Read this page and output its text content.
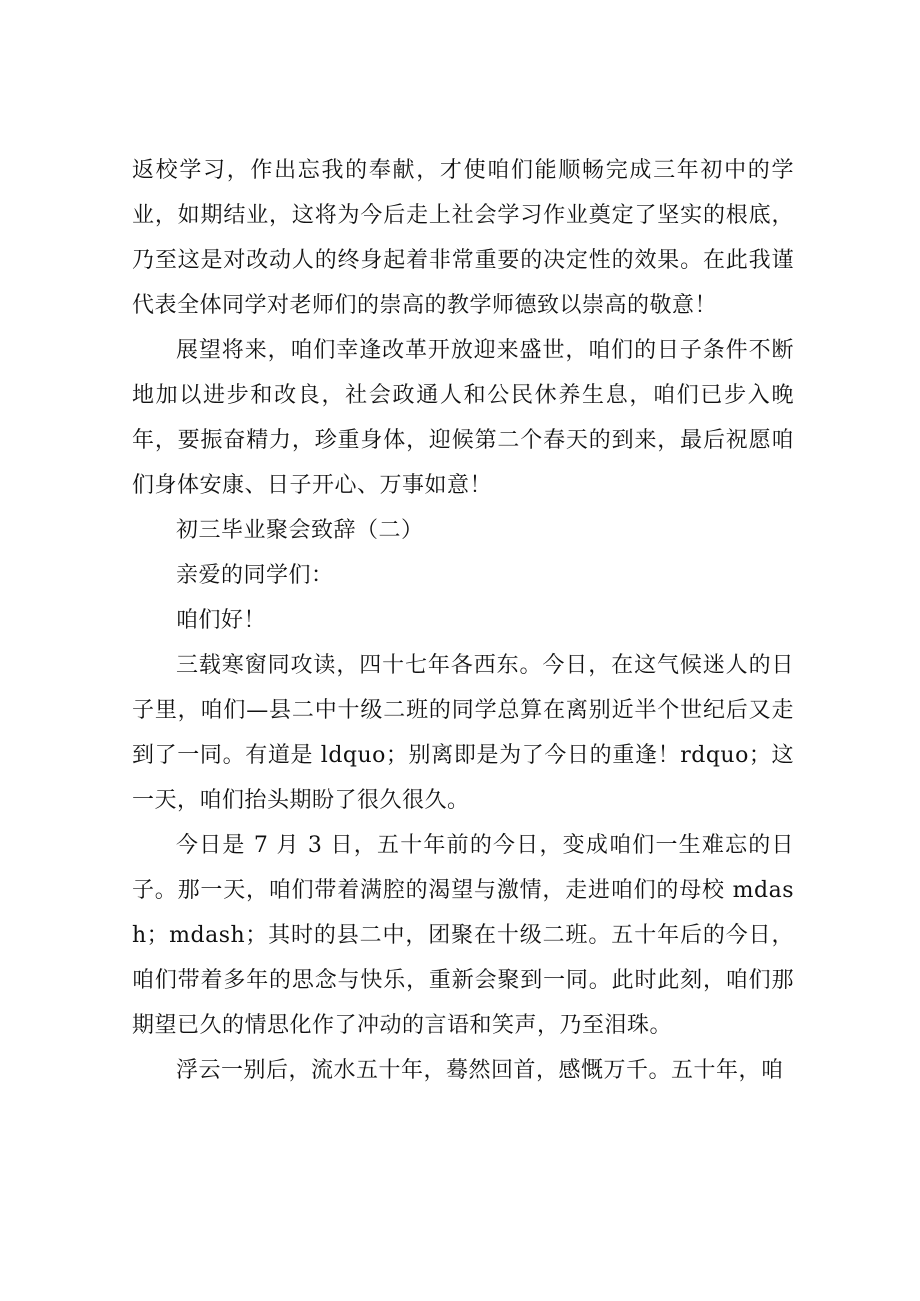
返校学习，作出忘我的奉献，才使咱们能顺畅完成三年初中的学业，如期结业，这将为今后走上社会学习作业奠定了坚实的根底，乃至这是对改动人的终身起着非常重要的决定性的效果。在此我谨代表全体同学对老师们的崇高的教学师德致以崇高的敬意！

展望将来，咱们幸逢改革开放迎来盛世，咱们的日子条件不断地加以进步和改良，社会政通人和公民休养生息，咱们已步入晚年，要振奋精力，珍重身体，迎候第二个春天的到来，最后祝愿咱们身体安康、日子开心、万事如意！

初三毕业聚会致辞（二）

亲爱的同学们：

咱们好！

三载寒窗同攻读，四十七年各西东。今日，在这气候迷人的日子里，咱们—县二中十级二班的同学总算在离别近半个世纪后又走到了一同。有道是 ldquo；别离即是为了今日的重逢！rdquo；这一天，咱们抬头期盼了很久很久。

今日是 7 月 3 日，五十年前的今日，变成咱们一生难忘的日子。那一天，咱们带着满腔的渴望与激情，走进咱们的母校 mdash；mdash；其时的县二中，团聚在十级二班。五十年后的今日，咱们带着多年的思念与快乐，重新会聚到一同。此时此刻，咱们那期望已久的情思化作了冲动的言语和笑声，乃至泪珠。

浮云一别后，流水五十年，蓦然回首，感慨万千。五十年，咱
